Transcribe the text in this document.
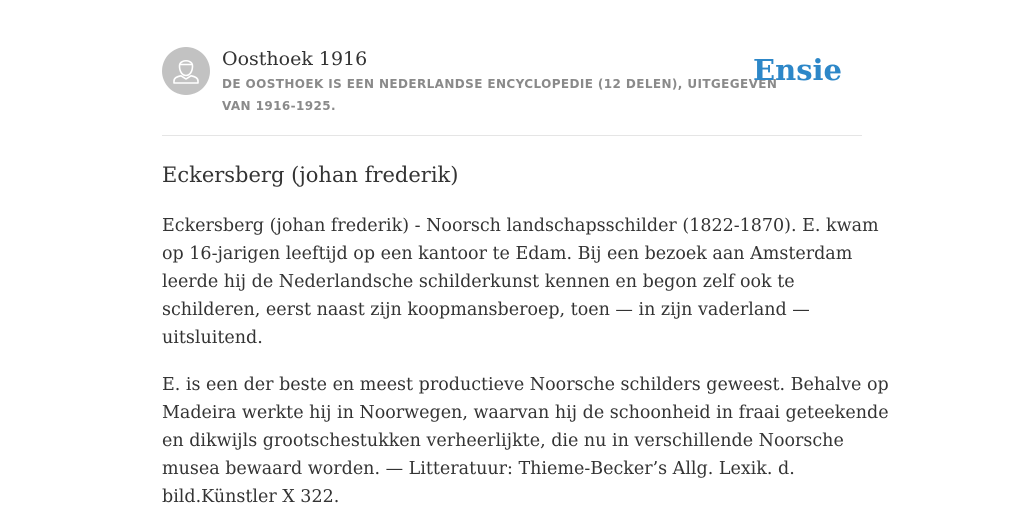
Oosthoek 1916
DE OOSTHOEK IS EEN NEDERLANDSE ENCYCLOPEDIE (12 DELEN), UITGEGEVEN
VAN 1916-1925.
Ensie
Eckersberg (johan frederik)

Eckersberg (johan frederik) - Noorsch landschapsschilder (1822-1870). E. kwam
op 16-jarigen leeftijd op een kantoor te Edam. Bij een bezoek aan Amsterdam
leerde hij de Nederlandsche schilderkunst kennen en begon zelf ook te
schilderen, eerst naast zijn koopmansberoep, toen — in zijn vaderland —
uitsluitend.

E. is een der beste en meest productieve Noorsche schilders geweest. Behalve op
Madeira werkte hij in Noorwegen, waarvan hij de schoonheid in fraai geteekende
en dikwijls grootschestukken verheerlijkte, die nu in verschillende Noorsche
musea bewaard worden. — Litteratuur: Thieme-Becker’s Allg. Lexik. d.
bild.Künstler X 322.
